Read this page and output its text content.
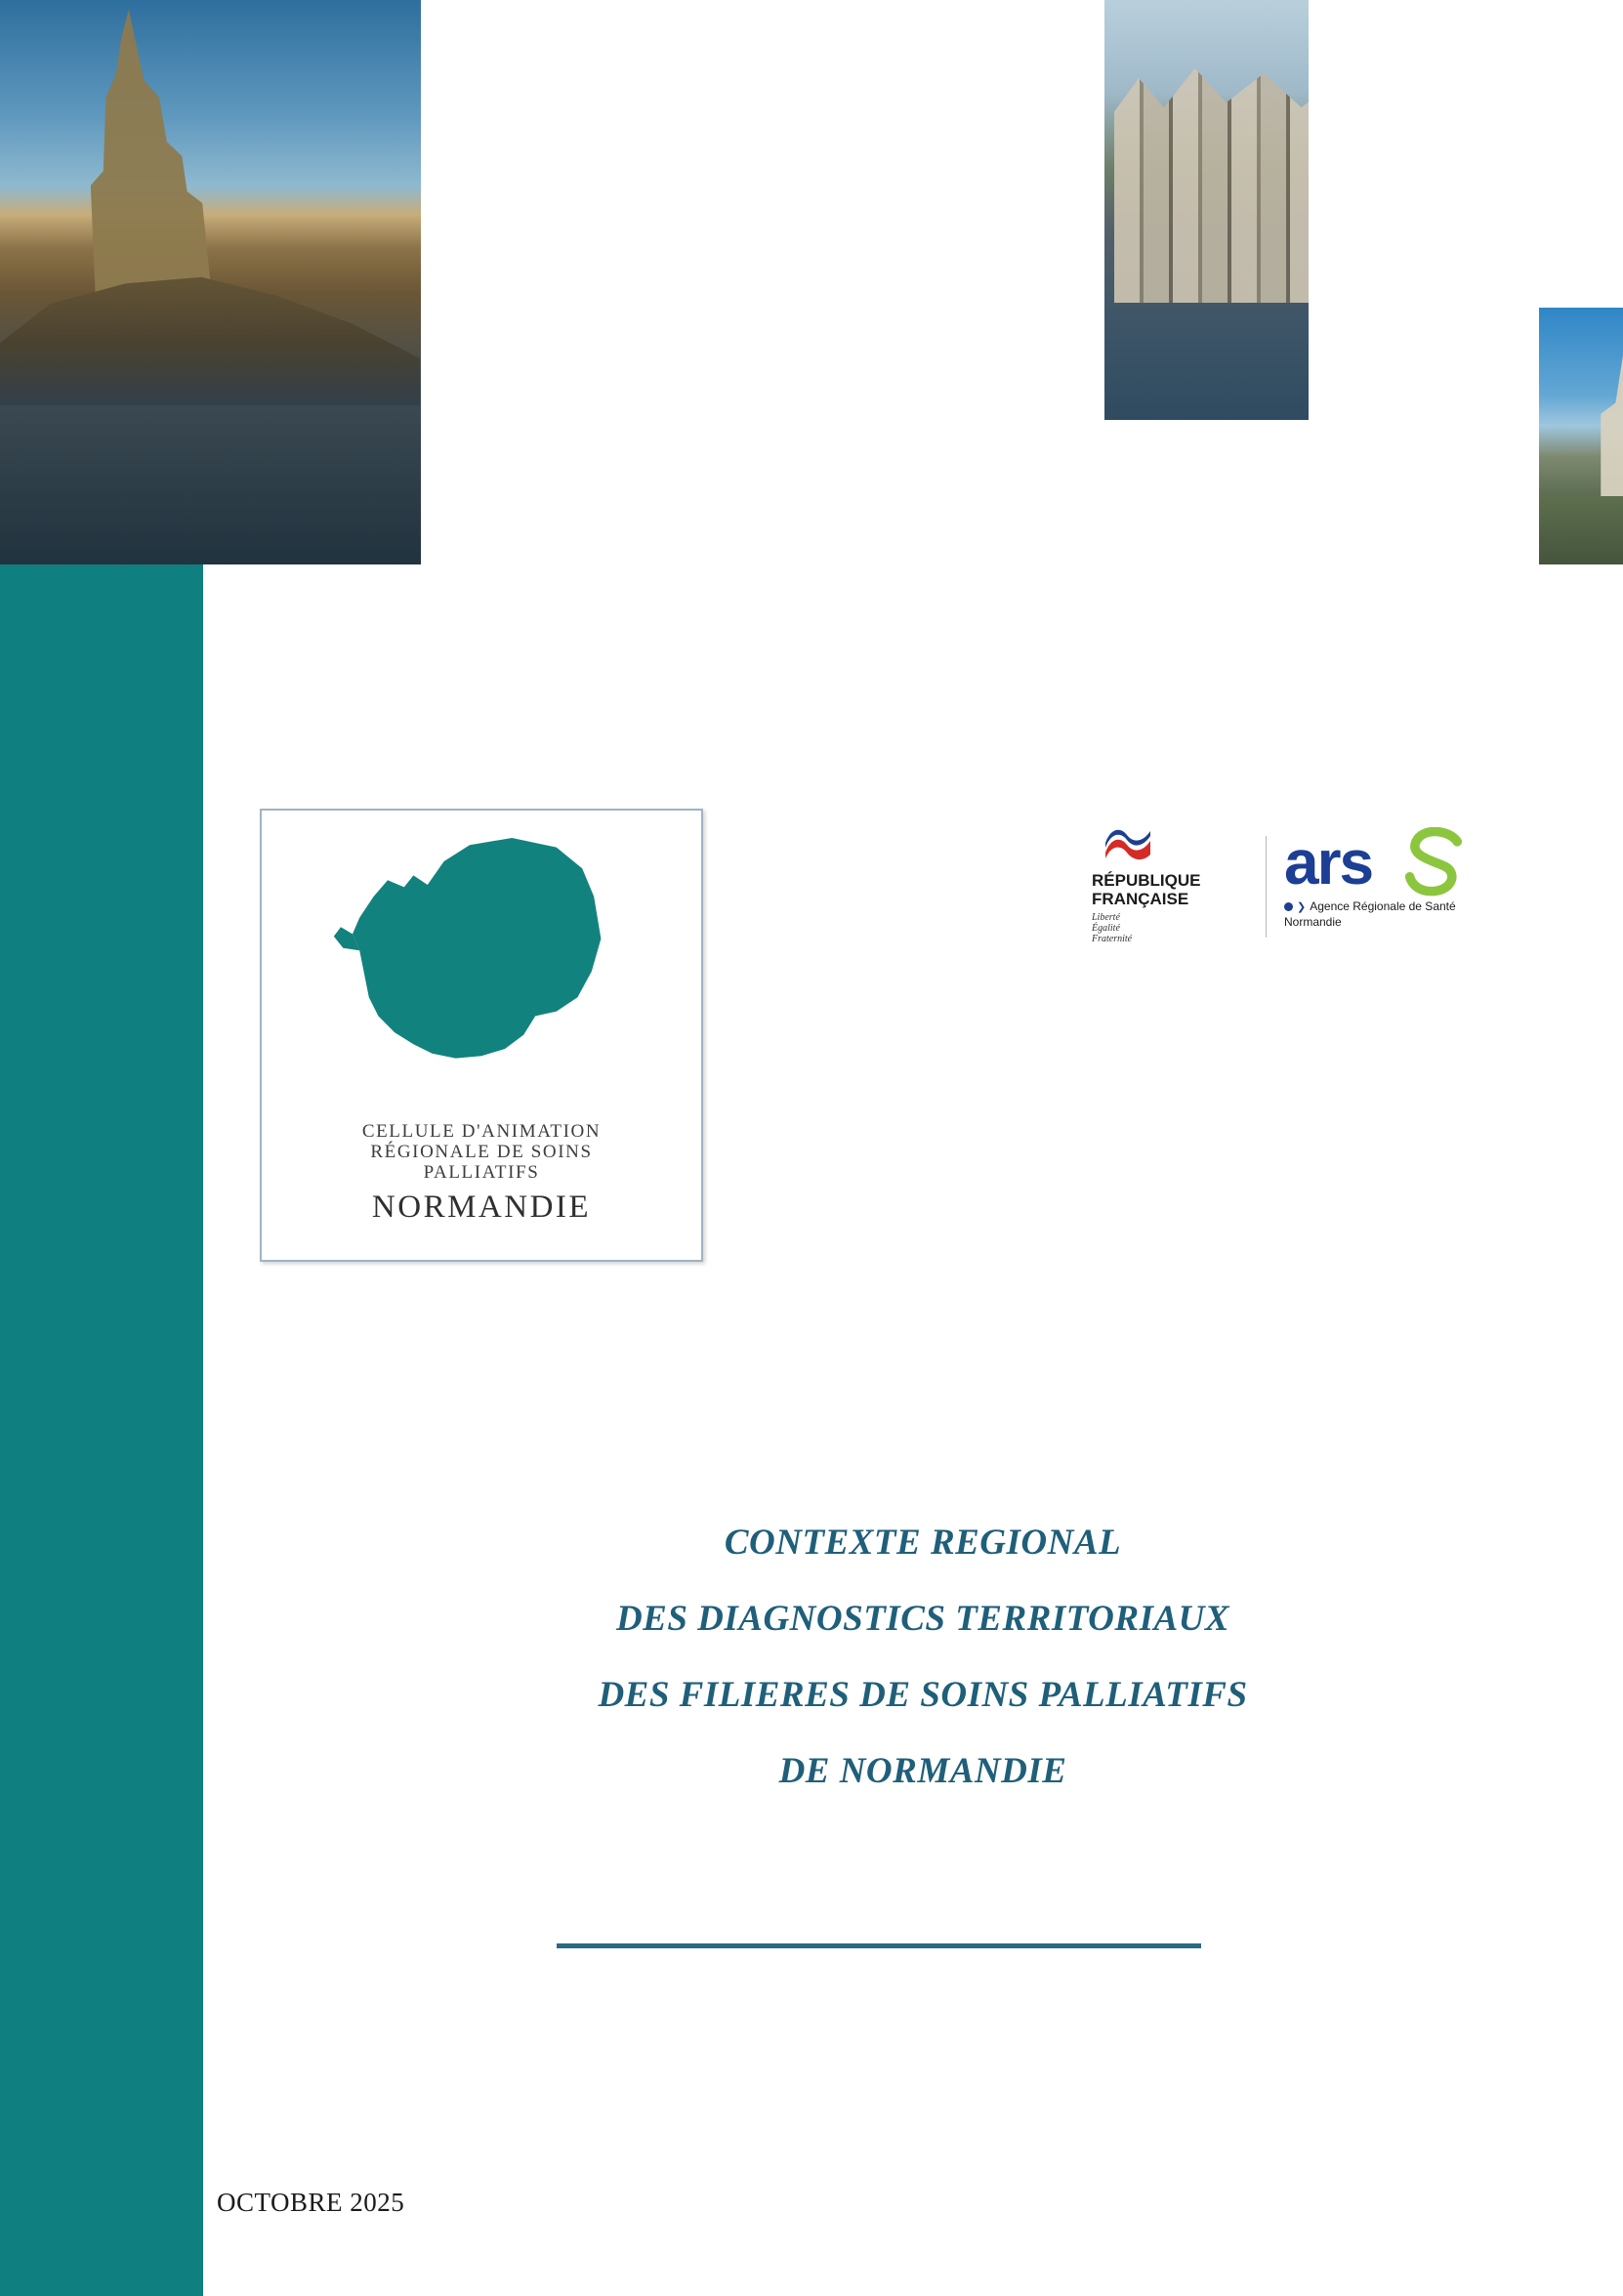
CELLULE D'ANIMATION
RÉGIONALE DE SOINS
PALLIATIFS
NORMANDIE
RÉPUBLIQUE
FRANÇAISE
Liberté
Égalité
Fraternité
ars
❯ Agence Régionale de Santé
Normandie
CONTEXTE REGIONAL
DES DIAGNOSTICS TERRITORIAUX
DES FILIERES DE SOINS PALLIATIFS
DE NORMANDIE
OCTOBRE 2025
